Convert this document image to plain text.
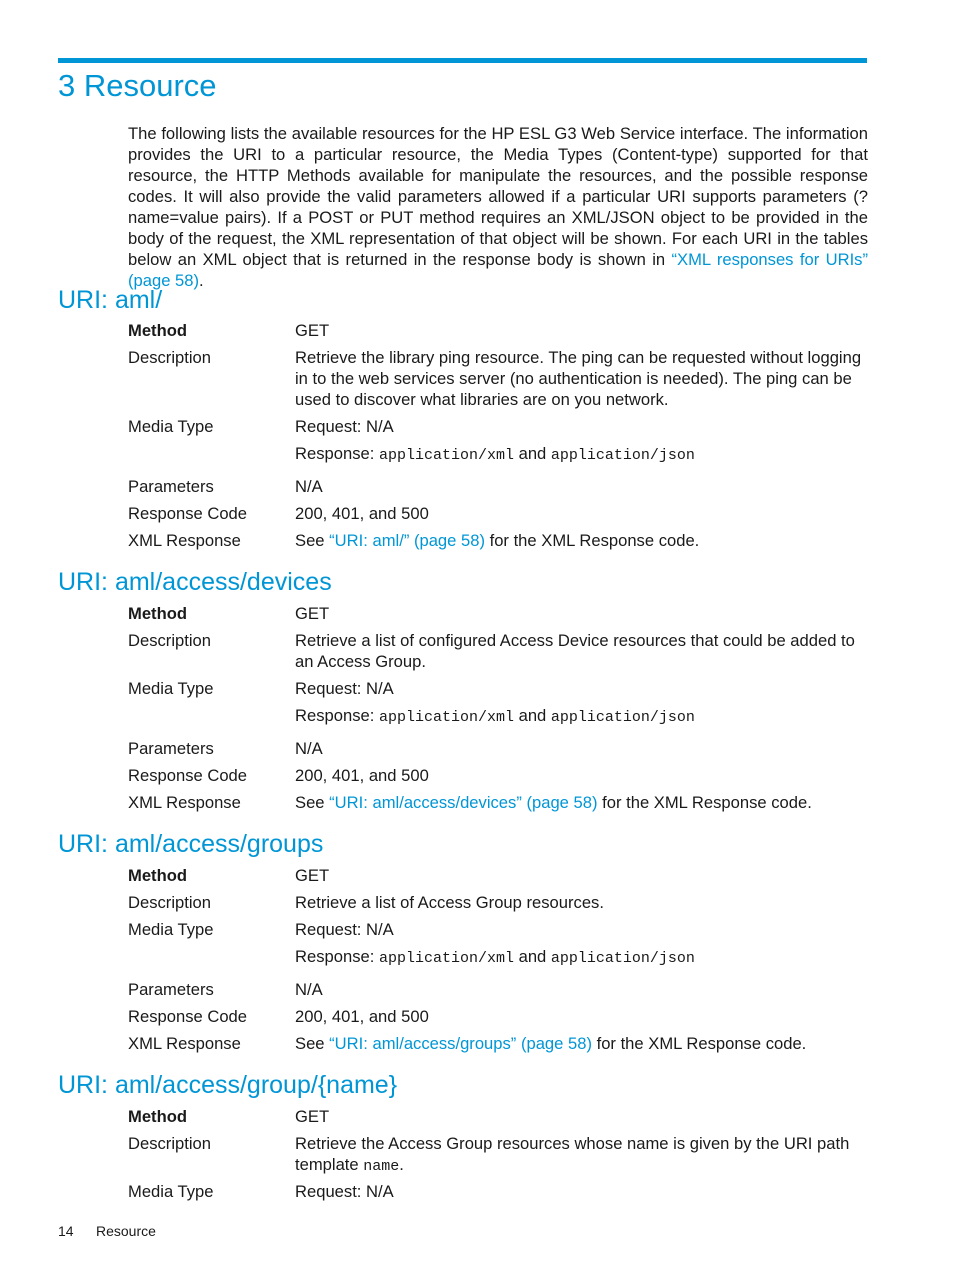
3 Resource

The following lists the available resources for the HP ESL G3 Web Service interface. The information provides the URI to a particular resource, the Media Types (Content-type) supported for that resource, the HTTP Methods available for manipulate the resources, and the possible response codes. It will also provide the valid parameters allowed if a particular URI supports parameters (?name=value pairs). If a POST or PUT method requires an XML/JSON object to be provided in the body of the request, the XML representation of that object will be shown. For each URI in the tables below an XML object that is returned in the response body is shown in “XML responses for URIs” (page 58).

URI: aml/
Method	GET
Description	Retrieve the library ping resource. The ping can be requested without logging in to the web services server (no authentication is needed). The ping can be used to discover what libraries are on you network.
Media Type	Request: N/A
Response: application/xml and application/json
Parameters	N/A
Response Code	200, 401, and 500
XML Response	See “URI: aml/” (page 58) for the XML Response code.
URI: aml/access/devices
Method	GET
Description	Retrieve a list of configured Access Device resources that could be added to an Access Group.
Media Type	Request: N/A
Response: application/xml and application/json
Parameters	N/A
Response Code	200, 401, and 500
XML Response	See “URI: aml/access/devices” (page 58) for the XML Response code.
URI: aml/access/groups
Method	GET
Description	Retrieve a list of Access Group resources.
Media Type	Request: N/A
Response: application/xml and application/json
Parameters	N/A
Response Code	200, 401, and 500
XML Response	See “URI: aml/access/groups” (page 58) for the XML Response code.
URI: aml/access/group/{name}
Method	GET
Description	Retrieve the Access Group resources whose name is given by the URI path template name.
Media Type	Request: N/A
14 Resource
